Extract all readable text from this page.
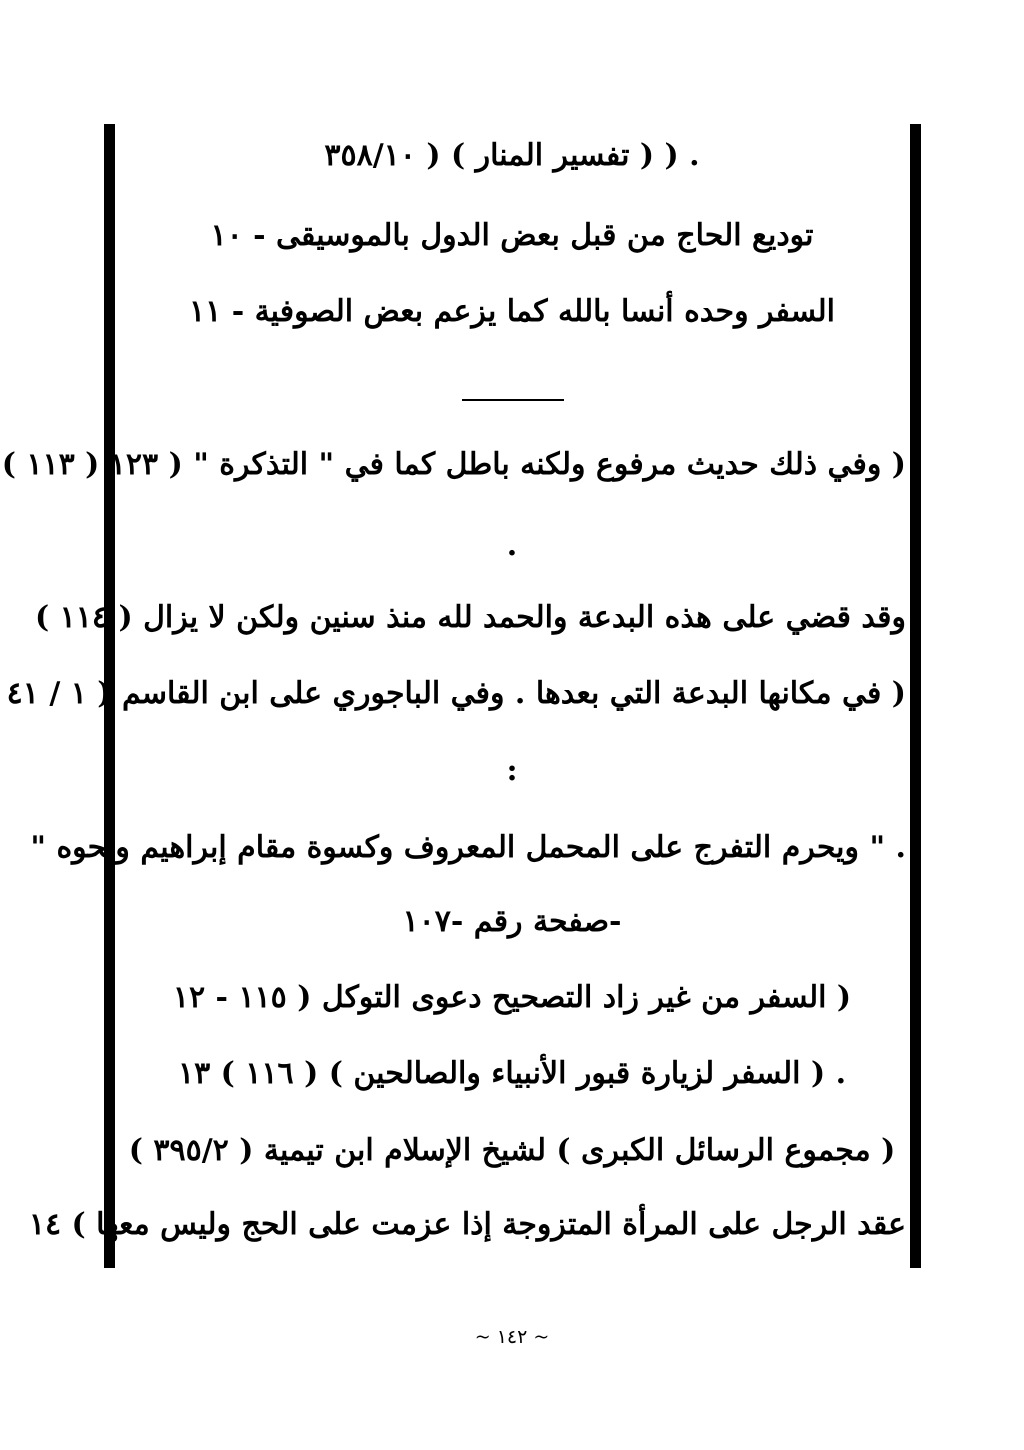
. ( ( تفسير المنار ) ( ٣٥٨/١٠
توديع الحاج من قبل بعض الدول بالموسيقى - ١٠
السفر وحده أنسا بالله كما يزعم بعض الصوفية - ١١
( وفي ذلك حديث مرفوع ولكنه باطل كما في " التذكرة " ( ١٢٣ ( ١١٣ )
.
وقد قضي على هذه البدعة والحمد لله منذ سنين ولكن لا يزال ( ١١٤ )
( في مكانها البدعة التي بعدها . وفي الباجوري على ابن القاسم ( ١ / ٤١
:
. " ويحرم التفرج على المحمل المعروف وكسوة مقام إبراهيم ونحوه "
-صفحة رقم -١٠٧
( السفر من غير زاد التصحيح دعوى التوكل ( ١١٥ - ١٢
. ( السفر لزيارة قبور الأنبياء والصالحين ) ( ١١٦ ) ١٣
( مجموع الرسائل الكبرى ) لشيخ الإسلام ابن تيمية ( ٣٩٥/٢ )
عقد الرجل على المرأة المتزوجة إذا عزمت على الحج وليس معها ) ١٤
~ ١٤٢ ~
